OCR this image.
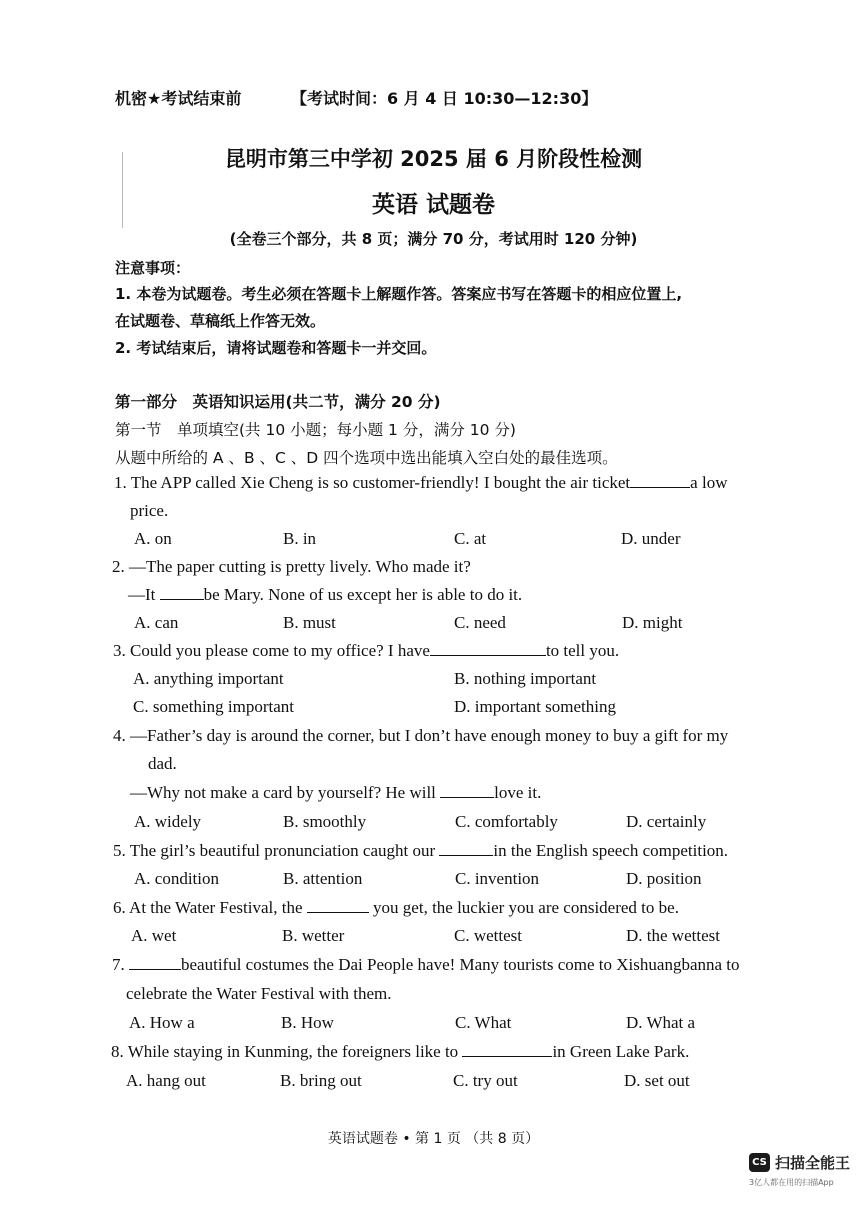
机密★考试结束前	【考试时间：6 月 4 日 10:30—12:30】
昆明市第三中学初 2025 届 6 月阶段性检测
英语 试题卷
(全卷三个部分，共 8 页；满分 70 分，考试用时 120 分钟)
注意事项：
1. 本卷为试题卷。考生必须在答题卡上解题作答。答案应书写在答题卡的相应位置上,
在试题卷、草稿纸上作答无效。
2. 考试结束后，请将试题卷和答题卡一并交回。
第一部分　英语知识运用(共二节，满分 20 分)
第一节　单项填空(共 10 小题；每小题 1 分，满分 10 分)
从题中所给的 A 、B 、C 、D 四个选项中选出能填入空白处的最佳选项。
1. The APP called Xie Cheng is so customer-friendly! I bought the air ticket	a low
price.
A. on	B. in	C. at	D. under
2. —The paper cutting is pretty lively. Who made it?
—It	be Mary. None of us except her is able to do it.
A. can	B. must	C. need	D. might
3. Could you please come to my office? I have	to tell you.
A. anything important	B. nothing important
C. something important	D. important something
4. —Father’s day is around the corner, but I don’t have enough money to buy a gift for my
dad.
—Why not make a card by yourself? He will	love it.
A. widely	B. smoothly	C. comfortably	D. certainly
5. The girl’s beautiful pronunciation caught our	in the English speech competition.
A. condition	B. attention	C. invention	D. position
6. At the Water Festival, the	you get, the luckier you are considered to be.
A. wet	B. wetter	C. wettest	D. the wettest
7.	beautiful costumes the Dai People have! Many tourists come to Xishuangbanna to
celebrate the Water Festival with them.
A. How a	B. How	C. What	D. What a
8. While staying in Kunming, the foreigners like to	in Green Lake Park.
A. hang out	B. bring out	C. try out	D. set out
英语试题卷 • 第 1 页 （共 8 页）
CS 扫描全能王
3亿人都在用的扫描App
